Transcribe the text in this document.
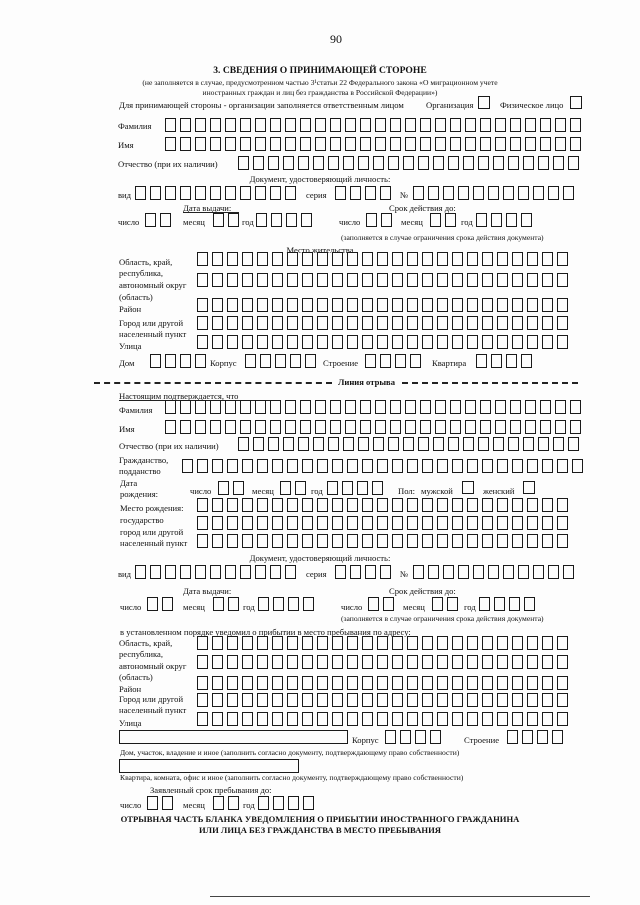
90
3. СВЕДЕНИЯ О ПРИНИМАЮЩЕЙ СТОРОНЕ
(не заполняется в случае, предусмотренном частью 3¹статьи 22 Федерального закона «О миграционном учете
иностранных граждан и лиц без гражданства в Российской Федерации»)
Для принимающей стороны - организации заполняется ответственным лицом	Организация	Физическое лицо
Фамилия
Имя
Отчество (при их наличии)
Документ, удостоверяющий личность:
вид	серия	№
Дата выдачи:	Срок действия до:
число	месяц	год	число	месяц	год
(заполняется в случае ограничения срока действия документа)
Место жительства
Область, край,
республика,
автономный округ
(область)
Район
Город или другой
населенный пункт
Улица
Дом	Корпус	Строение	Квартира
Линия отрыва
Настоящим подтверждается, что
Фамилия
Имя
Отчество (при их наличии)
Гражданство,
подданство
Дата
рождения:	число	месяц	год	Пол: мужской	женский
Место рождения:
государство
город или другой
населенный пункт
Документ, удостоверяющий личность:
вид	серия	№
Дата выдачи:	Срок действия до:
число	месяц	год	число	месяц	год
(заполняется в случае ограничения срока действия документа)
в установленном порядке уведомил о прибытии в место пребывания по адресу:
Область, край,
республика,
автономный округ
(область)
Район
Город или другой
населенный пункт
Улица
Корпус	Строение
Дом, участок, владение и иное (заполнить согласно документу, подтверждающему право собственности)
Квартира, комната, офис и иное (заполнить согласно документу, подтверждающему право собственности)
Заявленный срок пребывания до:
число	месяц	год
ОТРЫВНАЯ ЧАСТЬ БЛАНКА УВЕДОМЛЕНИЯ О ПРИБЫТИИ ИНОСТРАННОГО ГРАЖДАНИНА
ИЛИ ЛИЦА БЕЗ ГРАЖДАНСТВА В МЕСТО ПРЕБЫВАНИЯ
